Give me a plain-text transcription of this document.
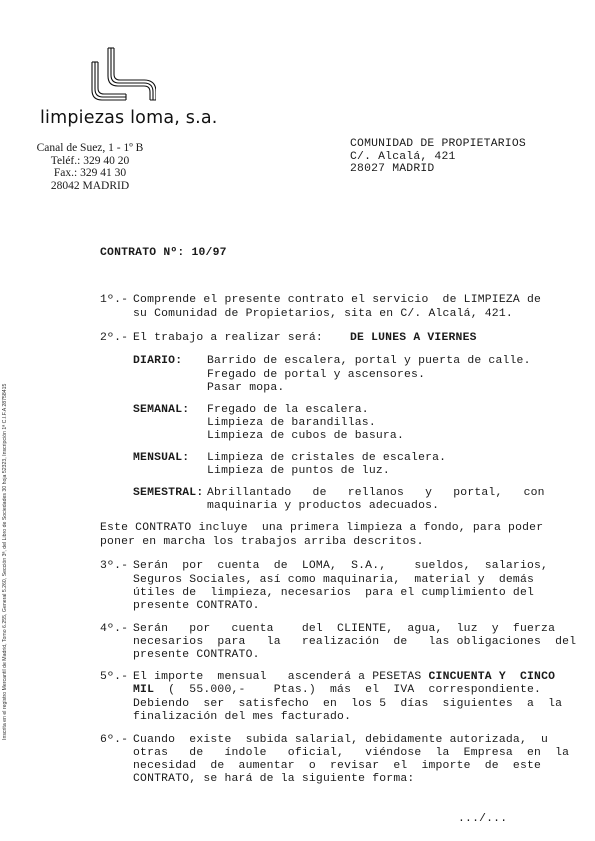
limpiezas loma, s.a.
Canal de Suez, 1 - 1º B
Teléf.: 329 40 20
Fax.: 329 41 30
28042 MADRID
COMUNIDAD DE PROPIETARIOS
C/. Alcalá, 421
28027 MADRID
CONTRATO Nº: 10/97
1º.- Comprende el presente contrato el servicio  de LIMPIEZA de
su Comunidad de Propietarios, sita en C/. Alcalá, 421.
2º.- El trabajo a realizar será: DE LUNES A VIERNES
DIARIO: Barrido de escalera, portal y puerta de calle.
Fregado de portal y ascensores.
Pasar mopa.
SEMANAL: Fregado de la escalera.
Limpieza de barandillas.
Limpieza de cubos de basura.
MENSUAL: Limpieza de cristales de escalera.
Limpieza de puntos de luz.
SEMESTRAL: Abrillantado   de   rellanos   y   portal,   con
maquinaria y productos adecuados.
Este CONTRATO incluye  una primera limpieza a fondo, para poder
poner en marcha los trabajos arriba descritos.
3º.- Serán  por  cuenta  de  LOMA,  S.A.,    sueldos,  salarios,
Seguros Sociales, así como maquinaria,  material y  demás
útiles de  limpieza, necesarios  para el cumplimiento del
presente CONTRATO.
4º.- Serán   por   cuenta    del  CLIENTE,  agua,  luz  y  fuerza
necesarios  para   la   realización  de   las obligaciones  del
presente CONTRATO.
5º.- El importe  mensual   ascenderá a PESETAS CINCUENTA Y  CINCO
MIL  (  55.000,-    Ptas.)  más  el  IVA  correspondiente.
Debiendo  ser  satisfecho  en  los 5  días  siguientes  a  la
finalización del mes facturado.
6º.- Cuando  existe  subida salarial, debidamente autorizada,  u
otras   de   índole   oficial,   viéndose  la  Empresa  en  la
necesidad  de  aumentar  o  revisar  el  importe  de  este
CONTRATO, se hará de la siguiente forma:
.../...
Inscrita en el registro Mercantil de Madrid, Tomo 6.255, General 5.260, Sección 3ª, del Libro de Sociedades 30 hoja 52323, Inscripción 1ª C.I.F.A 28758415
